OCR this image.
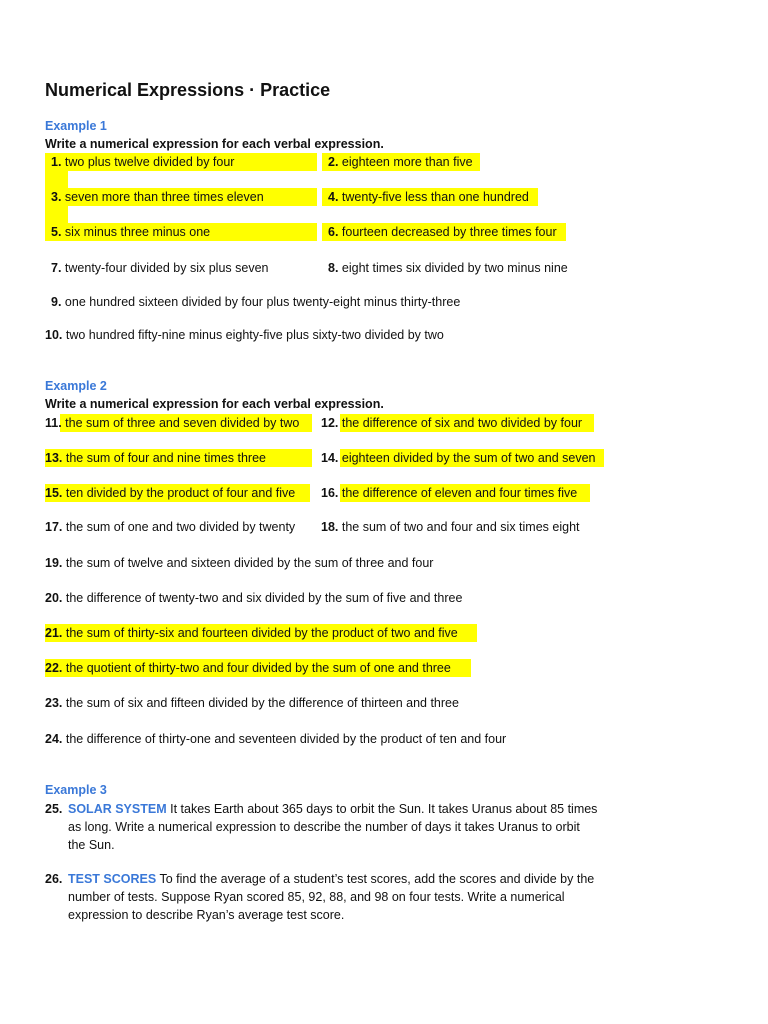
Numerical Expressions · Practice
Example 1
Write a numerical expression for each verbal expression.
1. two plus twelve divided by four	2. eighteen more than five
3. seven more than three times eleven	4. twenty-five less than one hundred
5. six minus three minus one	6. fourteen decreased by three times four
7. twenty-four divided by six plus seven	8. eight times six divided by two minus nine
9. one hundred sixteen divided by four plus twenty-eight minus thirty-three
10. two hundred fifty-nine minus eighty-five plus sixty-two divided by two
Example 2
Write a numerical expression for each verbal expression.
11. the sum of three and seven divided by two 12. the difference of six and two divided by four
13. the sum of four and nine times three	14. eighteen divided by the sum of two and seven
15. ten divided by the product of four and five 16. the difference of eleven and four times five
17. the sum of one and two divided by twenty 18. the sum of two and four and six times eight
19. the sum of twelve and sixteen divided by the sum of three and four
20. the difference of twenty-two and six divided by the sum of five and three
21. the sum of thirty-six and fourteen divided by the product of two and five
22. the quotient of thirty-two and four divided by the sum of one and three
23. the sum of six and fifteen divided by the difference of thirteen and three
24. the difference of thirty-one and seventeen divided by the product of ten and four
Example 3
25. SOLAR SYSTEM It takes Earth about 365 days to orbit the Sun. It takes Uranus about 85 times as long. Write a numerical expression to describe the number of days it takes Uranus to orbit the Sun.
26. TEST SCORES To find the average of a student’s test scores, add the scores and divide by the number of tests. Suppose Ryan scored 85, 92, 88, and 98 on four tests. Write a numerical expression to describe Ryan’s average test score.
